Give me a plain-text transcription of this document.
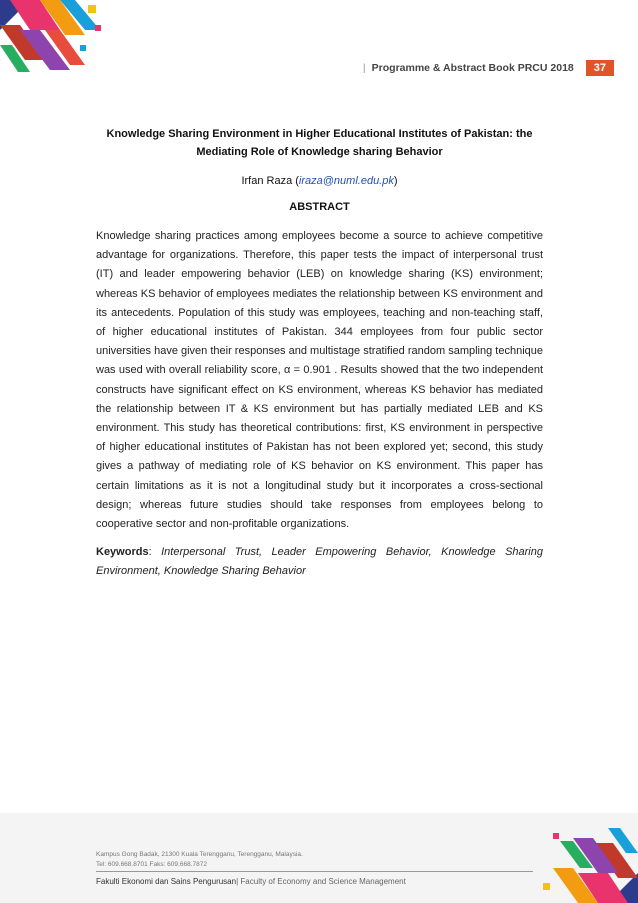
| Programme & Abstract Book PRCU 2018	37

Knowledge Sharing Environment in Higher Educational Institutes of Pakistan: the
Mediating Role of Knowledge sharing Behavior

Irfan Raza (iraza@numl.edu.pk)
ABSTRACT
Knowledge sharing practices among employees become a source to achieve competitive advantage for organizations. Therefore, this paper tests the impact of interpersonal trust (IT) and leader empowering behavior (LEB) on knowledge sharing (KS) environment; whereas KS behavior of employees mediates the relationship between KS environment and its antecedents. Population of this study was employees, teaching and non-teaching staff, of higher educational institutes of Pakistan. 344 employees from four public sector universities have given their responses and multistage stratified random sampling technique was used with overall reliability score, α = 0.901 . Results showed that the two independent constructs have significant effect on KS environment, whereas KS behavior has mediated the relationship between IT & KS environment but has partially mediated LEB and KS environment. This study has theoretical contributions: first, KS environment in perspective of higher educational institutes of Pakistan has not been explored yet; second, this study gives a pathway of mediating role of KS behavior on KS environment. This paper has certain limitations as it is not a longitudinal study but it incorporates a cross-sectional design; whereas future studies should take responses from employees belong to cooperative sector and non-profitable organizations.
Keywords: Interpersonal Trust, Leader Empowering Behavior, Knowledge Sharing Environment, Knowledge Sharing Behavior
Kampus Gong Badak, 21300 Kuala Terengganu, Terengganu, Malaysia.
Tel: 609.668.8701 Faks: 609.668.7872
Fakulti Ekonomi dan Sains Pengurusan| Faculty of Economy and Science Management
